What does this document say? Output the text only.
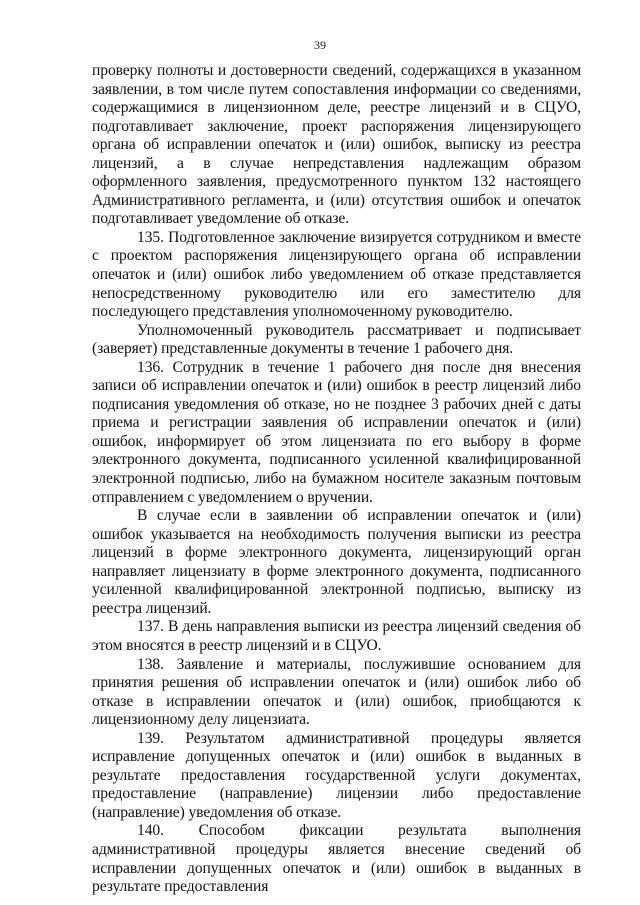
39

проверку полноты и достоверности сведений, содержащихся в указанном заявлении, в том числе путем сопоставления информации со сведениями, содержащимися в лицензионном деле, реестре лицензий и в СЦУО, подготавливает заключение, проект распоряжения лицензирующего органа об исправлении опечаток и (или) ошибок, выписку из реестра лицензий, а в случае непредставления надлежащим образом оформленного заявления, предусмотренного пунктом 132 настоящего Административного регламента, и (или) отсутствия ошибок и опечаток подготавливает уведомление об отказе.

135. Подготовленное заключение визируется сотрудником и вместе с проектом распоряжения лицензирующего органа об исправлении опечаток и (или) ошибок либо уведомлением об отказе представляется непосредственному руководителю или его заместителю для последующего представления уполномоченному руководителю.

Уполномоченный руководитель рассматривает и подписывает (заверяет) представленные документы в течение 1 рабочего дня.

136. Сотрудник в течение 1 рабочего дня после дня внесения записи об исправлении опечаток и (или) ошибок в реестр лицензий либо подписания уведомления об отказе, но не позднее 3 рабочих дней с даты приема и регистрации заявления об исправлении опечаток и (или) ошибок, информирует об этом лицензиата по его выбору в форме электронного документа, подписанного усиленной квалифицированной электронной подписью, либо на бумажном носителе заказным почтовым отправлением с уведомлением о вручении.

В случае если в заявлении об исправлении опечаток и (или) ошибок указывается на необходимость получения выписки из реестра лицензий в форме электронного документа, лицензирующий орган направляет лицензиату в форме электронного документа, подписанного усиленной квалифицированной электронной подписью, выписку из реестра лицензий.

137. В день направления выписки из реестра лицензий сведения об этом вносятся в реестр лицензий и в СЦУО.

138. Заявление и материалы, послужившие основанием для принятия решения об исправлении опечаток и (или) ошибок либо об отказе в исправлении опечаток и (или) ошибок, приобщаются к лицензионному делу лицензиата.

139. Результатом административной процедуры является исправление допущенных опечаток и (или) ошибок в выданных в результате предоставления государственной услуги документах, предоставление (направление) лицензии либо предоставление (направление) уведомления об отказе.

140. Способом фиксации результата выполнения административной процедуры является внесение сведений об исправлении допущенных опечаток и (или) ошибок в выданных в результате предоставления
